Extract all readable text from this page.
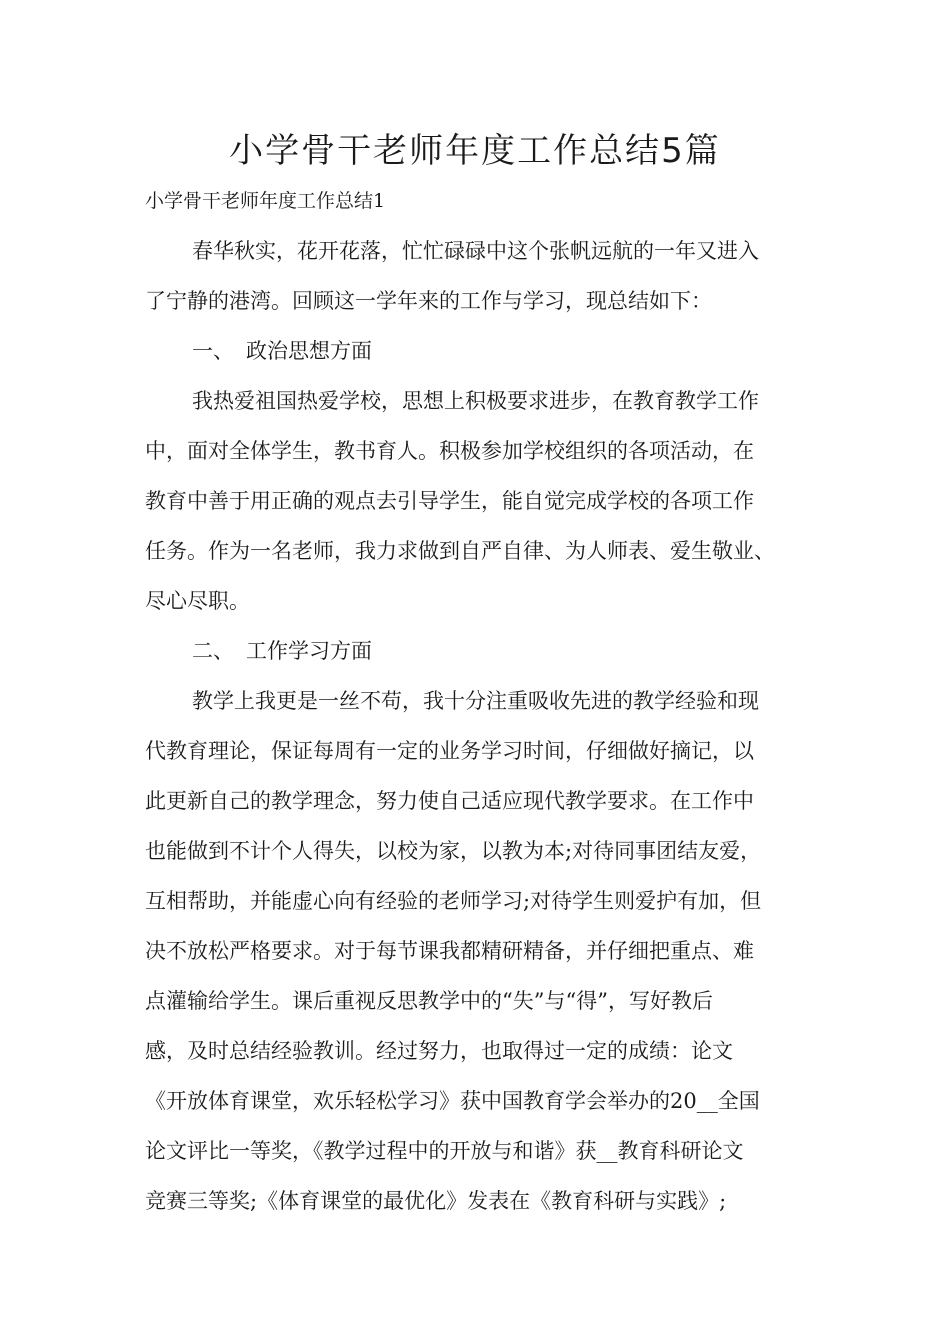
小学骨干老师年度工作总结5篇

小学骨干老师年度工作总结1

春华秋实，花开花落，忙忙碌碌中这个张帆远航的一年又进入

了宁静的港湾。回顾这一学年来的工作与学习，现总结如下：

一、 政治思想方面

我热爱祖国热爱学校，思想上积极要求进步，在教育教学工作

中，面对全体学生，教书育人。积极参加学校组织的各项活动，在

教育中善于用正确的观点去引导学生，能自觉完成学校的各项工作

任务。作为一名老师，我力求做到自严自律、为人师表、爱生敬业、

尽心尽职。

二、 工作学习方面

教学上我更是一丝不苟，我十分注重吸收先进的教学经验和现

代教育理论，保证每周有一定的业务学习时间，仔细做好摘记，以

此更新自己的教学理念，努力使自己适应现代教学要求。在工作中

也能做到不计个人得失，以校为家，以教为本;对待同事团结友爱，

互相帮助，并能虚心向有经验的老师学习;对待学生则爱护有加，但

决不放松严格要求。对于每节课我都精研精备，并仔细把重点、难

点灌输给学生。课后重视反思教学中的“失”与“得”，写好教后

感，及时总结经验教训。经过努力，也取得过一定的成绩：论文

《开放体育课堂，欢乐轻松学习》获中国教育学会举办的20__全国

论文评比一等奖，《教学过程中的开放与和谐》获__教育科研论文

竞赛三等奖;《体育课堂的最优化》发表在《教育科研与实践》;
